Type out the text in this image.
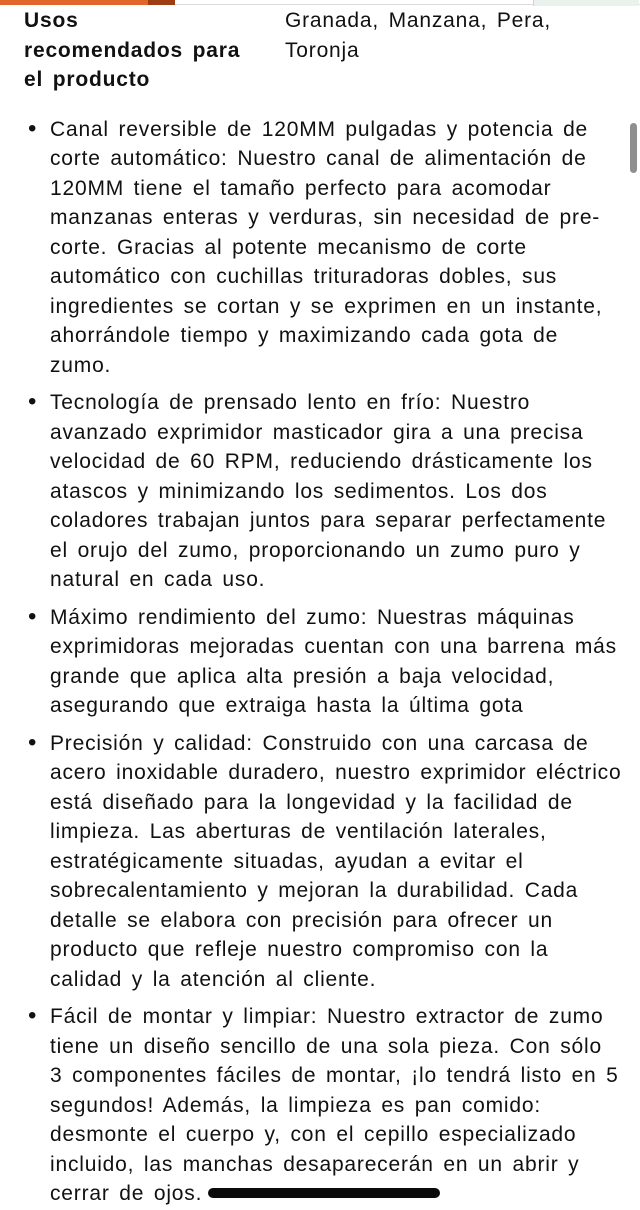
Usos recomendados para el producto
Granada, Manzana, Pera, Toronja
• Canal reversible de 120MM pulgadas y potencia de corte automático: Nuestro canal de alimentación de 120MM tiene el tamaño perfecto para acomodar manzanas enteras y verduras, sin necesidad de pre-corte. Gracias al potente mecanismo de corte automático con cuchillas trituradoras dobles, sus ingredientes se cortan y se exprimen en un instante, ahorrándole tiempo y maximizando cada gota de zumo.
• Tecnología de prensado lento en frío: Nuestro avanzado exprimidor masticador gira a una precisa velocidad de 60 RPM, reduciendo drásticamente los atascos y minimizando los sedimentos. Los dos coladores trabajan juntos para separar perfectamente el orujo del zumo, proporcionando un zumo puro y natural en cada uso.
• Máximo rendimiento del zumo: Nuestras máquinas exprimidoras mejoradas cuentan con una barrena más grande que aplica alta presión a baja velocidad, asegurando que extraiga hasta la última gota
• Precisión y calidad: Construido con una carcasa de acero inoxidable duradero, nuestro exprimidor eléctrico está diseñado para la longevidad y la facilidad de limpieza. Las aberturas de ventilación laterales, estratégicamente situadas, ayudan a evitar el sobrecalentamiento y mejoran la durabilidad. Cada detalle se elabora con precisión para ofrecer un producto que refleje nuestro compromiso con la calidad y la atención al cliente.
• Fácil de montar y limpiar: Nuestro extractor de zumo tiene un diseño sencillo de una sola pieza. Con sólo 3 componentes fáciles de montar, ¡lo tendrá listo en 5 segundos! Además, la limpieza es pan comido: desmonte el cuerpo y, con el cepillo especializado incluido, las manchas desaparecerán en un abrir y cerrar de ojos.
